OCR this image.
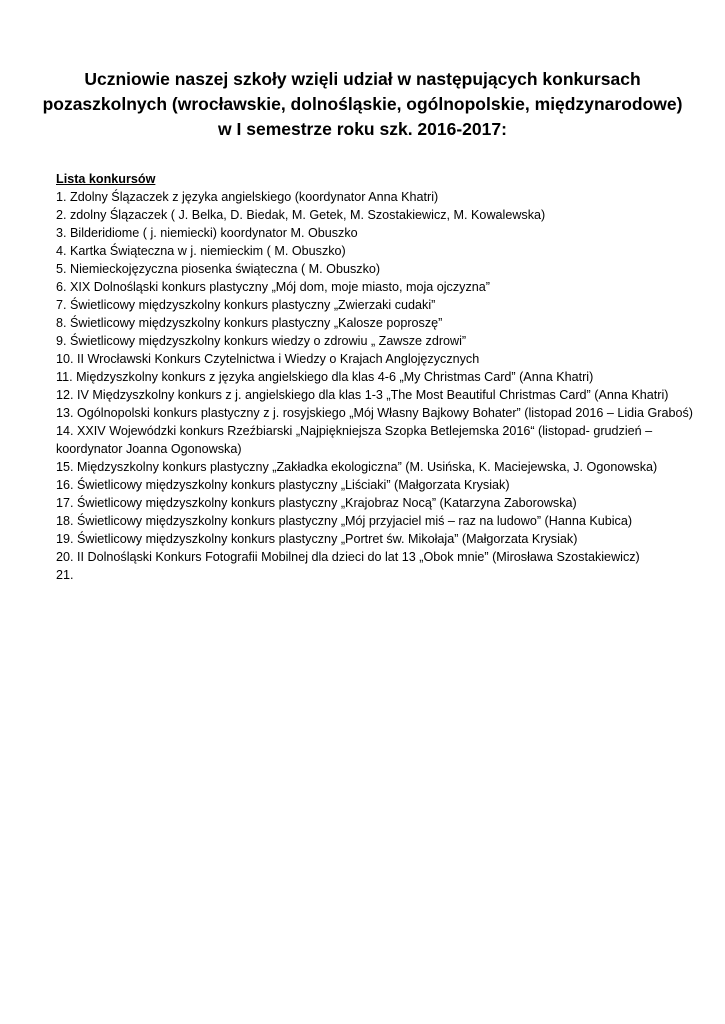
Uczniowie naszej szkoły wzięli udział w następujących konkursach
pozaszkolnych (wrocławskie, dolnośląskie, ogólnopolskie, międzynarodowe)
w I semestrze roku szk. 2016-2017:
Lista konkursów
1. Zdolny Ślązaczek z języka angielskiego (koordynator Anna Khatri)
2. zdolny Ślązaczek ( J. Belka, D. Biedak, M. Getek, M. Szostakiewicz, M. Kowalewska)
3. Bilderidiome ( j. niemiecki) koordynator M. Obuszko
4. Kartka Świąteczna w j. niemieckim ( M. Obuszko)
5. Niemieckojęzyczna piosenka świąteczna ( M. Obuszko)
6. XIX Dolnośląski konkurs plastyczny „Mój dom, moje miasto, moja ojczyzna”
7. Świetlicowy międzyszkolny konkurs plastyczny „Zwierzaki cudaki”
8. Świetlicowy międzyszkolny konkurs plastyczny „Kalosze poproszę”
9. Świetlicowy międzyszkolny konkurs wiedzy o zdrowiu „ Zawsze zdrowi”
10. II Wrocławski Konkurs Czytelnictwa i Wiedzy o Krajach Anglojęzycznych
11. Międzyszkolny konkurs z języka angielskiego dla klas 4-6 „My Christmas Card” (Anna Khatri)
12. IV Międzyszkolny konkurs z j. angielskiego dla klas 1-3 „The Most Beautiful Christmas Card” (Anna Khatri)
13. Ogólnopolski konkurs plastyczny z j. rosyjskiego „Mój Własny Bajkowy Bohater” (listopad 2016 – Lidia Graboś)
14. XXIV Wojewódzki konkurs Rzeźbiarski „Najpiękniejsza Szopka Betlejemska 2016“ (listopad- grudzień – koordynator Joanna Ogonowska)
15. Międzyszkolny konkurs plastyczny „Zakładka ekologiczna” (M. Usińska, K. Maciejewska, J. Ogonowska)
16. Świetlicowy międzyszkolny konkurs plastyczny „Liściaki” (Małgorzata Krysiak)
17. Świetlicowy międzyszkolny konkurs plastyczny „Krajobraz Nocą” (Katarzyna Zaborowska)
18. Świetlicowy międzyszkolny konkurs plastyczny „Mój przyjaciel miś – raz na ludowo” (Hanna Kubica)
19. Świetlicowy międzyszkolny konkurs plastyczny „Portret św. Mikołaja” (Małgorzata Krysiak)
20. II Dolnośląski Konkurs Fotografii Mobilnej dla dzieci do lat 13 „Obok mnie” (Mirosława Szostakiewicz)
21.
